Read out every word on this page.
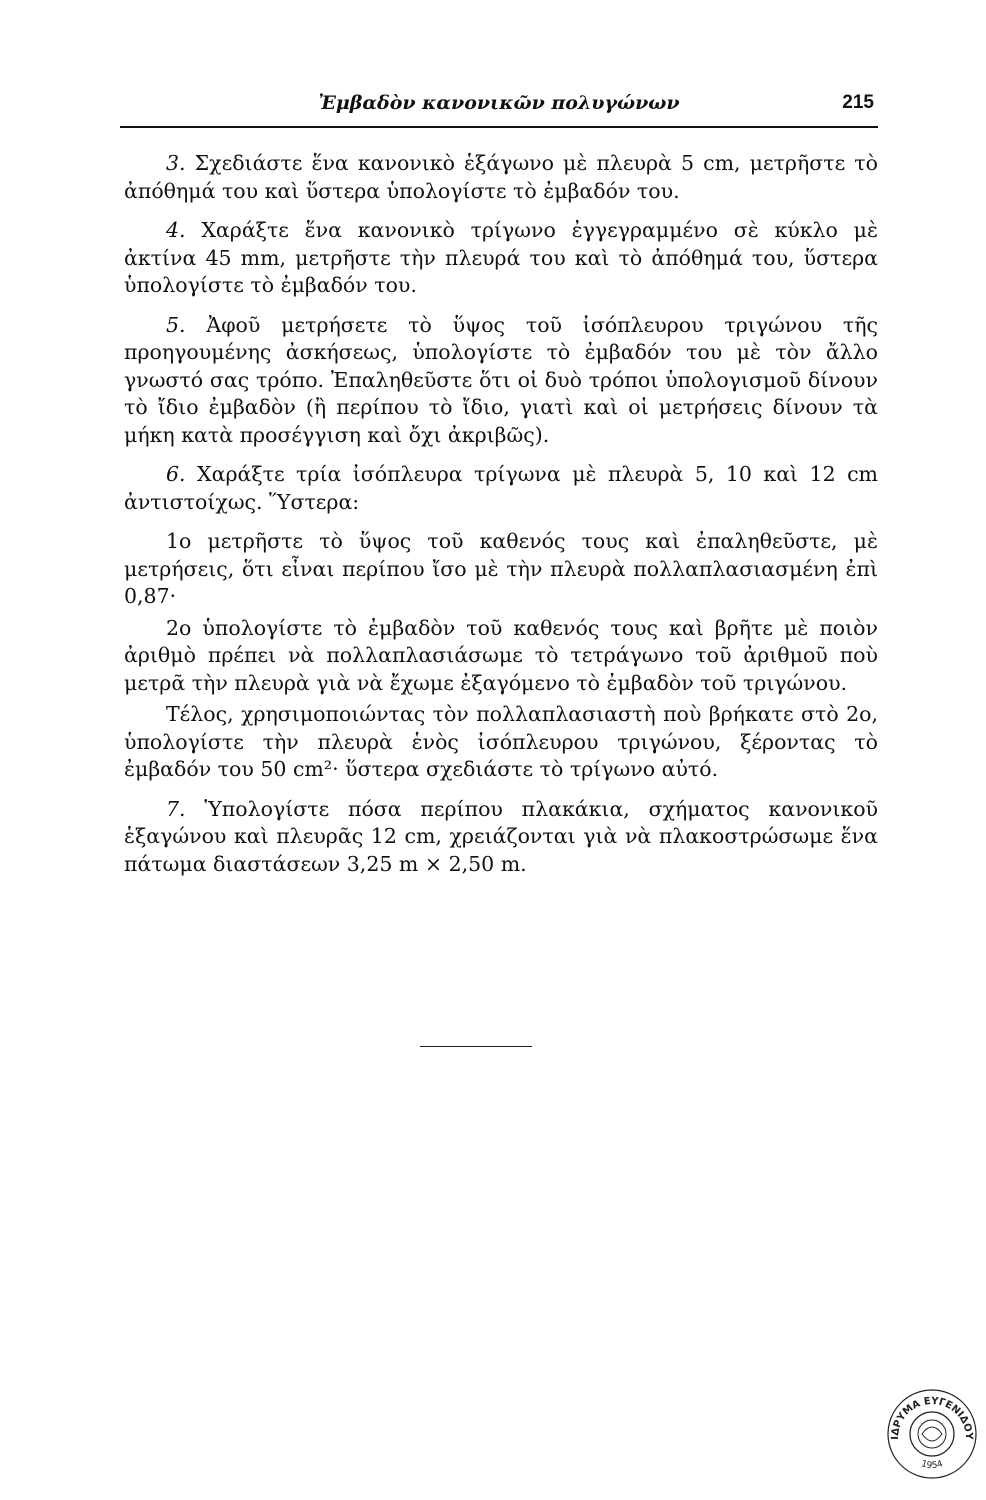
Ἐμβαδὸν κανονικῶν πολυγώνων	215

3. Σχεδιάστε ἕνα κανονικὸ ἑξάγωνο μὲ πλευρὰ 5 cm, μετρῆστε τὸ ἀπόθημά του καὶ ὕστερα ὑπολογίστε τὸ ἐμβαδόν του.

4. Χαράξτε ἕνα κανονικὸ τρίγωνο ἐγγεγραμμένο σὲ κύκλο μὲ ἀκτίνα 45 mm, μετρῆστε τὴν πλευρά του καὶ τὸ ἀπόθημά του, ὕστερα ὑπολογίστε τὸ ἐμβαδόν του.

5. Ἀφοῦ μετρήσετε τὸ ὕψος τοῦ ἰσόπλευρου τριγώνου τῆς προηγουμένης ἀσκήσεως, ὑπολογίστε τὸ ἐμβαδόν του μὲ τὸν ἄλλο γνωστό σας τρόπο. Ἐπαληθεῦστε ὅτι οἱ δυὸ τρόποι ὑπολογισμοῦ δίνουν τὸ ἴδιο ἐμβαδὸν (ἢ περίπου τὸ ἴδιο, γιατὶ καὶ οἱ μετρήσεις δίνουν τὰ μήκη κατὰ προσέγγιση καὶ ὄχι ἀκριβῶς).

6. Χαράξτε τρία ἰσόπλευρα τρίγωνα μὲ πλευρὰ 5, 10 καὶ 12 cm ἀντιστοίχως. Ὕστερα:

1ο μετρῆστε τὸ ὕψος τοῦ καθενός τους καὶ ἐπαληθεῦστε, μὲ μετρήσεις, ὅτι εἶναι περίπου ἴσο μὲ τὴν πλευρὰ πολλαπλασιασμένη ἐπὶ 0,87·

2ο ὑπολογίστε τὸ ἐμβαδὸν τοῦ καθενός τους καὶ βρῆτε μὲ ποιὸν ἀριθμὸ πρέπει νὰ πολλαπλασιάσωμε τὸ τετράγωνο τοῦ ἀριθμοῦ ποὺ μετρᾶ τὴν πλευρὰ γιὰ νὰ ἔχωμε ἐξαγόμενο τὸ ἐμβαδὸν τοῦ τριγώνου.

Τέλος, χρησιμοποιώντας τὸν πολλαπλασιαστὴ ποὺ βρήκατε στὸ 2ο, ὑπολογίστε τὴν πλευρὰ ἑνὸς ἰσόπλευρου τριγώνου, ξέροντας τὸ ἐμβαδόν του 50 cm²· ὕστερα σχεδιάστε τὸ τρίγωνο αὐτό.

7. Ὑπολογίστε πόσα περίπου πλακάκια, σχήματος κανονικοῦ ἑξαγώνου καὶ πλευρᾶς 12 cm, χρειάζονται γιὰ νὰ πλακοστρώσωμε ἕνα πάτωμα διαστάσεων 3,25 m × 2,50 m.

ΙΔΡΥΜΑ ΕΥΓΕΝΙΔΟΥ
1954
